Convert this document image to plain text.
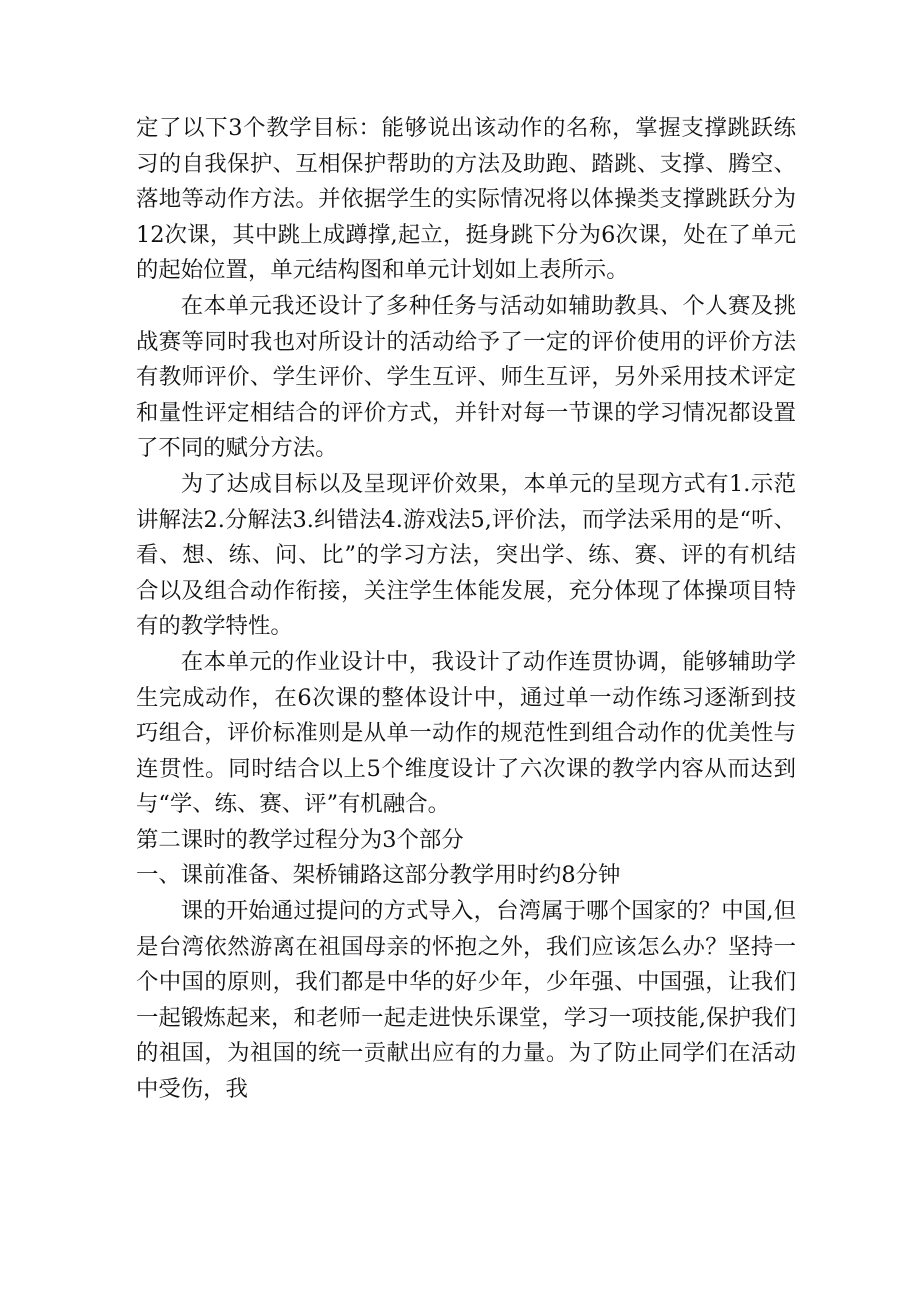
定了以下3个教学目标：能够说出该动作的名称，掌握支撑跳跃练习的自我保护、互相保护帮助的方法及助跑、踏跳、支撑、腾空、落地等动作方法。并依据学生的实际情况将以体操类支撑跳跃分为12次课，其中跳上成蹲撑,起立，挺身跳下分为6次课，处在了单元的起始位置，单元结构图和单元计划如上表所示。

在本单元我还设计了多种任务与活动如辅助教具、个人赛及挑战赛等同时我也对所设计的活动给予了一定的评价使用的评价方法有教师评价、学生评价、学生互评、师生互评，另外采用技术评定和量性评定相结合的评价方式，并针对每一节课的学习情况都设置了不同的赋分方法。

为了达成目标以及呈现评价效果，本单元的呈现方式有1.示范讲解法2.分解法3.纠错法4.游戏法5,评价法，而学法采用的是“听、看、想、练、问、比”的学习方法，突出学、练、赛、评的有机结合以及组合动作衔接，关注学生体能发展，充分体现了体操项目特有的教学特性。

在本单元的作业设计中，我设计了动作连贯协调，能够辅助学生完成动作，在6次课的整体设计中，通过单一动作练习逐渐到技巧组合，评价标准则是从单一动作的规范性到组合动作的优美性与连贯性。同时结合以上5个维度设计了六次课的教学内容从而达到与“学、练、赛、评”有机融合。

第二课时的教学过程分为3个部分

一、课前准备、架桥铺路这部分教学用时约8分钟

课的开始通过提问的方式导入，台湾属于哪个国家的？中国,但是台湾依然游离在祖国母亲的怀抱之外，我们应该怎么办？坚持一个中国的原则，我们都是中华的好少年，少年强、中国强，让我们一起锻炼起来，和老师一起走进快乐课堂，学习一项技能,保护我们的祖国，为祖国的统一贡献出应有的力量。为了防止同学们在活动中受伤，我
